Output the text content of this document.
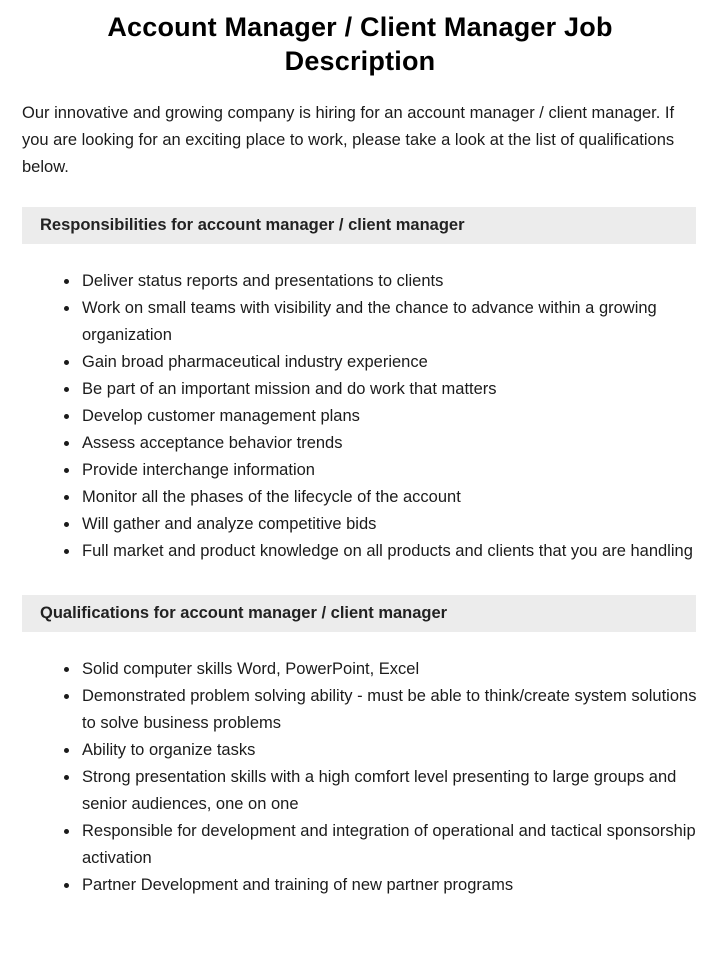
Account Manager / Client Manager Job Description

Our innovative and growing company is hiring for an account manager / client manager. If you are looking for an exciting place to work, please take a look at the list of qualifications below.

Responsibilities for account manager / client manager
Deliver status reports and presentations to clients
Work on small teams with visibility and the chance to advance within a growing organization
Gain broad pharmaceutical industry experience
Be part of an important mission and do work that matters
Develop customer management plans
Assess acceptance behavior trends
Provide interchange information
Monitor all the phases of the lifecycle of the account
Will gather and analyze competitive bids
Full market and product knowledge on all products and clients that you are handling
Qualifications for account manager / client manager
Solid computer skills Word, PowerPoint, Excel
Demonstrated problem solving ability - must be able to think/create system solutions to solve business problems
Ability to organize tasks
Strong presentation skills with a high comfort level presenting to large groups and senior audiences, one on one
Responsible for development and integration of operational and tactical sponsorship activation
Partner Development and training of new partner programs
